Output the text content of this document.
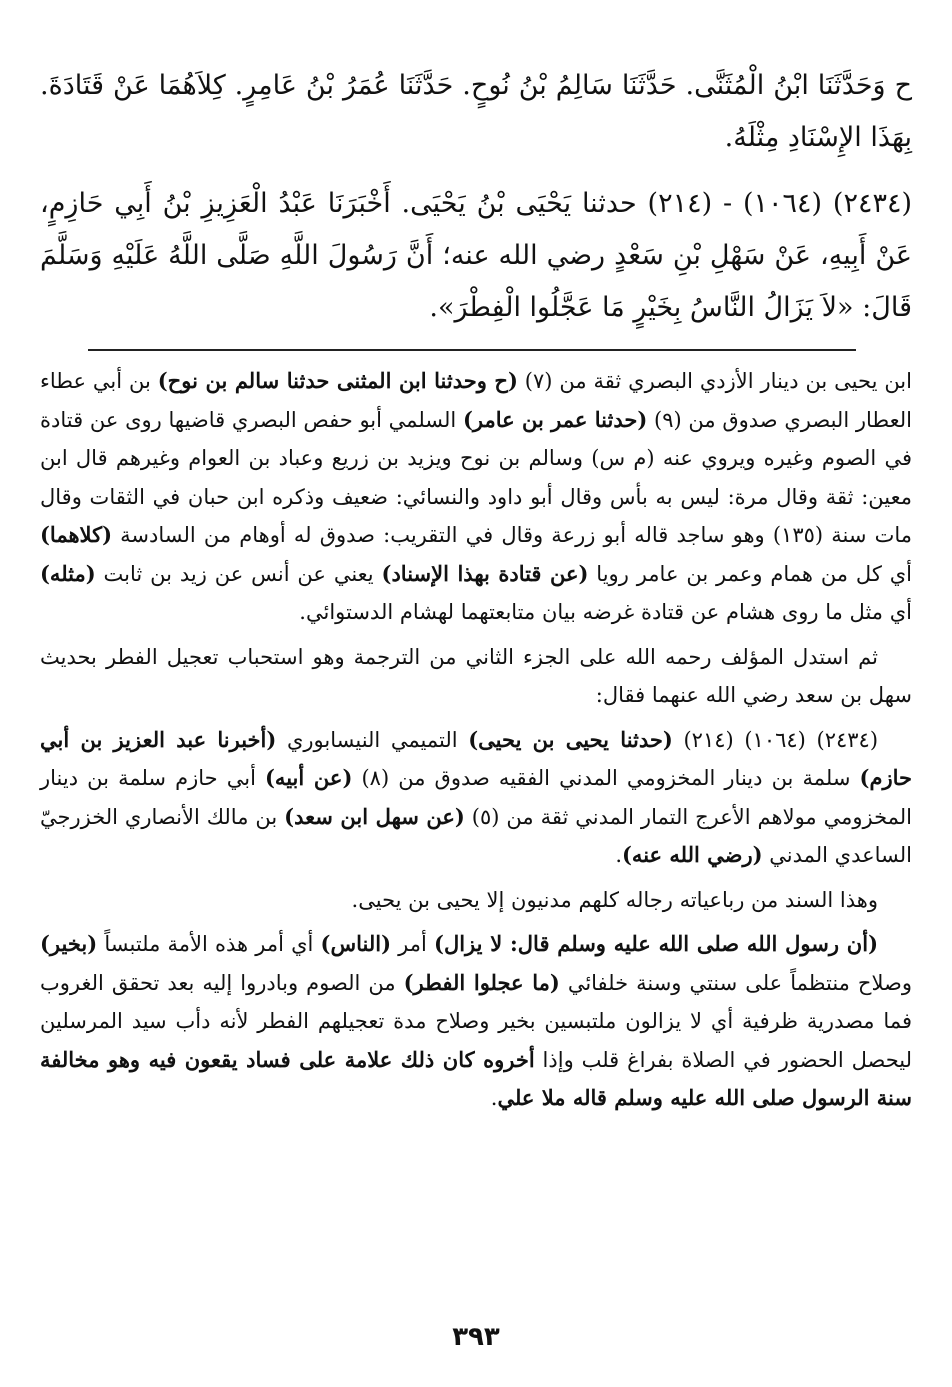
ح وَحَدَّثَنَا ابْنُ الْمُثَنَّى. حَدَّثَنَا سَالِمُ بْنُ نُوحٍ. حَدَّثَنَا عُمَرُ بْنُ عَامِرٍ. كِلاَهُمَا عَنْ قَتَادَةَ. بِهَذَا الإِسْنَادِ مِثْلَهُ.

(٢٤٣٤) (١٠٦٤) - (٢١٤) حدثنا يَحْيَى بْنُ يَحْيَى. أَخْبَرَنَا عَبْدُ الْعَزِيزِ بْنُ أَبِي حَازِمٍ، عَنْ أَبِيهِ، عَنْ سَهْلِ بْنِ سَعْدٍ رضي الله عنه؛ أَنَّ رَسُولَ اللَّهِ صَلَّى اللَّهُ عَلَيْهِ وَسَلَّمَ قَالَ: «لاَ يَزَالُ النَّاسُ بِخَيْرٍ مَا عَجَّلُوا الْفِطْرَ».

ابن يحيى بن دينار الأزدي البصري ثقة من (٧) (ح وحدثنا ابن المثنى حدثنا سالم بن نوح) بن أبي عطاء العطار البصري صدوق من (٩) (حدثنا عمر بن عامر) السلمي أبو حفص البصري قاضيها روى عن قتادة في الصوم وغيره ويروي عنه (م س) وسالم بن نوح ويزيد بن زريع وعباد بن العوام وغيرهم قال ابن معين: ثقة وقال مرة: ليس به بأس وقال أبو داود والنسائي: ضعيف وذكره ابن حبان في الثقات وقال مات سنة (١٣٥) وهو ساجد قاله أبو زرعة وقال في التقريب: صدوق له أوهام من السادسة (كلاهما) أي كل من همام وعمر بن عامر رويا (عن قتادة بهذا الإسناد) يعني عن أنس عن زيد بن ثابت (مثله) أي مثل ما روى هشام عن قتادة غرضه بيان متابعتهما لهشام الدستوائي.

ثم استدل المؤلف رحمه الله على الجزء الثاني من الترجمة وهو استحباب تعجيل الفطر بحديث سهل بن سعد رضي الله عنهما فقال:

(٢٤٣٤) (١٠٦٤) (٢١٤) (حدثنا يحيى بن يحيى) التميمي النيسابوري (أخبرنا عبد العزيز بن أبي حازم) سلمة بن دينار المخزومي المدني الفقيه صدوق من (٨) (عن أبيه) أبي حازم سلمة بن دينار المخزومي مولاهم الأعرج التمار المدني ثقة من (٥) (عن سهل ابن سعد) بن مالك الأنصاري الخزرجيّ الساعدي المدني (رضي الله عنه).

وهذا السند من رباعياته رجاله كلهم مدنيون إلا يحيى بن يحيى.

(أن رسول الله صلى الله عليه وسلم قال: لا يزال) أمر (الناس) أي أمر هذه الأمة ملتبساً (بخير) وصلاح منتظماً على سنتي وسنة خلفائي (ما عجلوا الفطر) من الصوم وبادروا إليه بعد تحقق الغروب فما مصدرية ظرفية أي لا يزالون ملتبسين بخير وصلاح مدة تعجيلهم الفطر لأنه دأب سيد المرسلين ليحصل الحضور في الصلاة بفراغ قلب وإذا أخروه كان ذلك علامة على فساد يقعون فيه وهو مخالفة سنة الرسول صلى الله عليه وسلم قاله ملا علي.

٣٩٣
